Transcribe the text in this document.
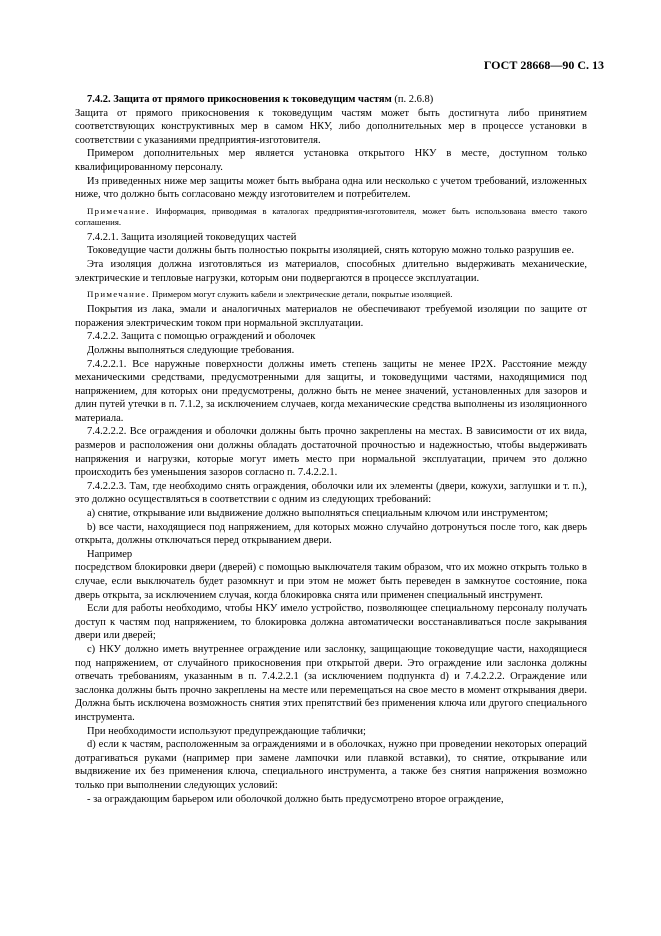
ГОСТ 28668—90 С. 13

7.4.2. Защита от прямого прикосновения к токоведущим частям (п. 2.6.8)

Защита от прямого прикосновения к токоведущим частям может быть достигнута либо принятием соответствующих конструктивных мер в самом НКУ, либо дополнительных мер в процессе установки в соответствии с указаниями предприятия-изготовителя.

Примером дополнительных мер является установка открытого НКУ в месте, доступном только квалифицированному персоналу.

Из приведенных ниже мер защиты может быть выбрана одна или несколько с учетом требований, изложенных ниже, что должно быть согласовано между изготовителем и потребителем.

Примечание. Информация, приводимая в каталогах предприятия-изготовителя, может быть использована вместо такого соглашения.

7.4.2.1. Защита изоляцией токоведущих частей

Токоведущие части должны быть полностью покрыты изоляцией, снять которую можно только разрушив ее.

Эта изоляция должна изготовляться из материалов, способных длительно выдерживать механические, электрические и тепловые нагрузки, которым они подвергаются в процессе эксплуатации.

Примечание. Примером могут служить кабели и электрические детали, покрытые изоляцией.

Покрытия из лака, эмали и аналогичных материалов не обеспечивают требуемой изоляции по защите от поражения электрическим током при нормальной эксплуатации.

7.4.2.2. Защита с помощью ограждений и оболочек

Должны выполняться следующие требования.

7.4.2.2.1. Все наружные поверхности должны иметь степень защиты не менее IP2X. Расстояние между механическими средствами, предусмотренными для защиты, и токоведущими частями, находящимися под напряжением, для которых они предусмотрены, должно быть не менее значений, установленных для зазоров и длин путей утечки в п. 7.1.2, за исключением случаев, когда механические средства выполнены из изоляционного материала.

7.4.2.2.2. Все ограждения и оболочки должны быть прочно закреплены на местах. В зависимости от их вида, размеров и расположения они должны обладать достаточной прочностью и надежностью, чтобы выдерживать напряжения и нагрузки, которые могут иметь место при нормальной эксплуатации, причем это должно происходить без уменьшения зазоров согласно п. 7.4.2.2.1.

7.4.2.2.3. Там, где необходимо снять ограждения, оболочки или их элементы (двери, кожухи, заглушки и т. п.), это должно осуществляться в соответствии с одним из следующих требований:

а) снятие, открывание или выдвижение должно выполняться специальным ключом или инструментом;

b) все части, находящиеся под напряжением, для которых можно случайно дотронуться после того, как дверь открыта, должны отключаться перед открыванием двери.

Например

посредством блокировки двери (дверей) с помощью выключателя таким образом, что их можно открыть только в случае, если выключатель будет разомкнут и при этом не может быть переведен в замкнутое состояние, пока дверь открыта, за исключением случая, когда блокировка снята или применен специальный инструмент.

Если для работы необходимо, чтобы НКУ имело устройство, позволяющее специальному персоналу получать доступ к частям под напряжением, то блокировка должна автоматически восстанавливаться после закрывания двери или дверей;

с) НКУ должно иметь внутреннее ограждение или заслонку, защищающие токоведущие части, находящиеся под напряжением, от случайного прикосновения при открытой двери. Это ограждение или заслонка должны отвечать требованиям, указанным в п. 7.4.2.2.1 (за исключением подпункта d) и 7.4.2.2.2. Ограждение или заслонка должны быть прочно закреплены на месте или перемещаться на свое место в момент открывания двери. Должна быть исключена возможность снятия этих препятствий без применения ключа или другого специального инструмента.

При необходимости используют предупреждающие таблички;

d) если к частям, расположенным за ограждениями и в оболочках, нужно при проведении некоторых операций дотрагиваться руками (например при замене лампочки или плавкой вставки), то снятие, открывание или выдвижение их без применения ключа, специального инструмента, а также без снятия напряжения возможно только при выполнении следующих условий:

- за ограждающим барьером или оболочкой должно быть предусмотрено второе ограждение,
